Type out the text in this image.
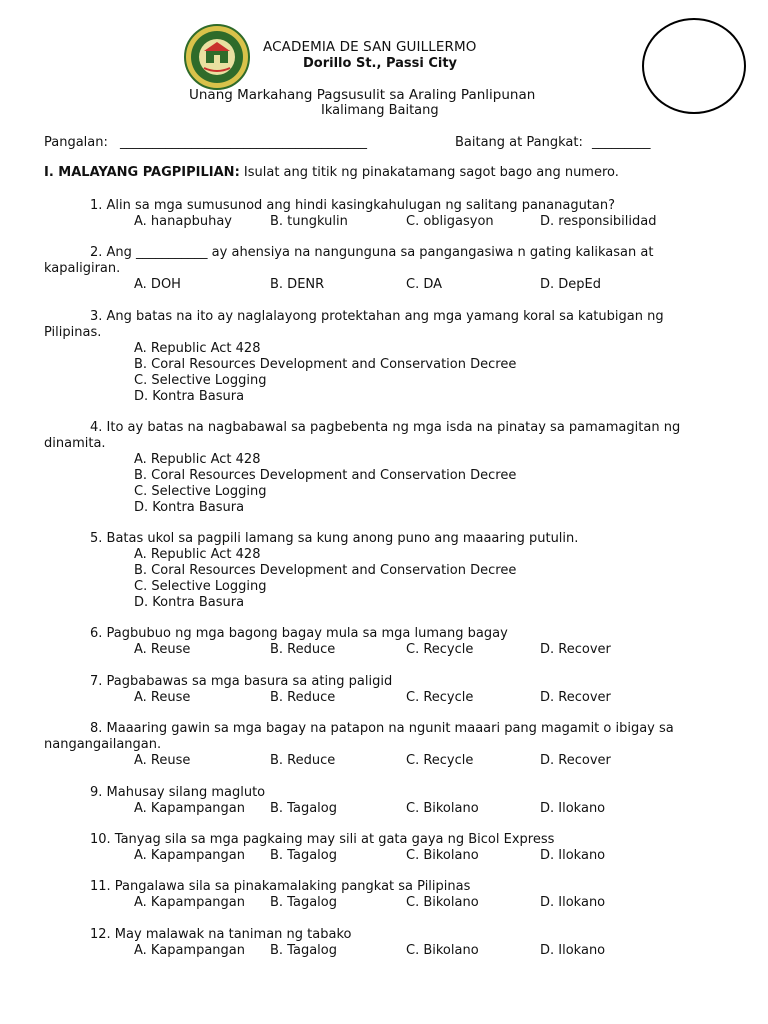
ACADEMIA DE SAN GUILLERMO
Dorillo St., Passi City
Unang Markahang Pagsusulit sa Araling Panlipunan
Ikalimang Baitang
Pangalan: ______________________________________	Baitang at Pangkat: _________
I. MALAYANG PAGPIPILIAN: Isulat ang titik ng pinakatamang sagot bago ang numero.
1. Alin sa mga sumusunod ang hindi kasingkahulugan ng salitang pananagutan?
A. hanapbuhay	B. tungkulin	C. obligasyon	D. responsibilidad
2. Ang ___________ ay ahensiya na nangunguna sa pangangasiwa n gating kalikasan at kapaligiran.
A. DOH	B. DENR	C. DA	D. DepEd
3. Ang batas na ito ay naglalayong protektahan ang mga yamang koral sa katubigan ng Pilipinas.
A. Republic Act 428
B. Coral Resources Development and Conservation Decree
C. Selective Logging
D. Kontra Basura
4. Ito ay batas na nagbabawal sa pagbebenta ng mga isda na pinatay sa pamamagitan ng dinamita.
A. Republic Act 428
B. Coral Resources Development and Conservation Decree
C. Selective Logging
D. Kontra Basura
5. Batas ukol sa pagpili lamang sa kung anong puno ang maaaring putulin.
A. Republic Act 428
B. Coral Resources Development and Conservation Decree
C. Selective Logging
D. Kontra Basura
6. Pagbubuo ng mga bagong bagay mula sa mga lumang bagay
A. Reuse	B. Reduce	C. Recycle	D. Recover
7. Pagbabawas sa mga basura sa ating paligid
A. Reuse	B. Reduce	C. Recycle	D. Recover
8. Maaaring gawin sa mga bagay na patapon na ngunit maaari pang magamit o ibigay sa nangangailangan.
A. Reuse	B. Reduce	C. Recycle	D. Recover
9. Mahusay silang magluto
A. Kapampangan B. Tagalog	C. Bikolano	D. Ilokano
10. Tanyag sila sa mga pagkaing may sili at gata gaya ng Bicol Express
A. Kapampangan B. Tagalog	C. Bikolano	D. Ilokano
11. Pangalawa sila sa pinakamalaking pangkat sa Pilipinas
A. Kapampangan B. Tagalog	C. Bikolano	D. Ilokano
12. May malawak na taniman ng tabako
A. Kapampangan B. Tagalog	C. Bikolano	D. Ilokano
